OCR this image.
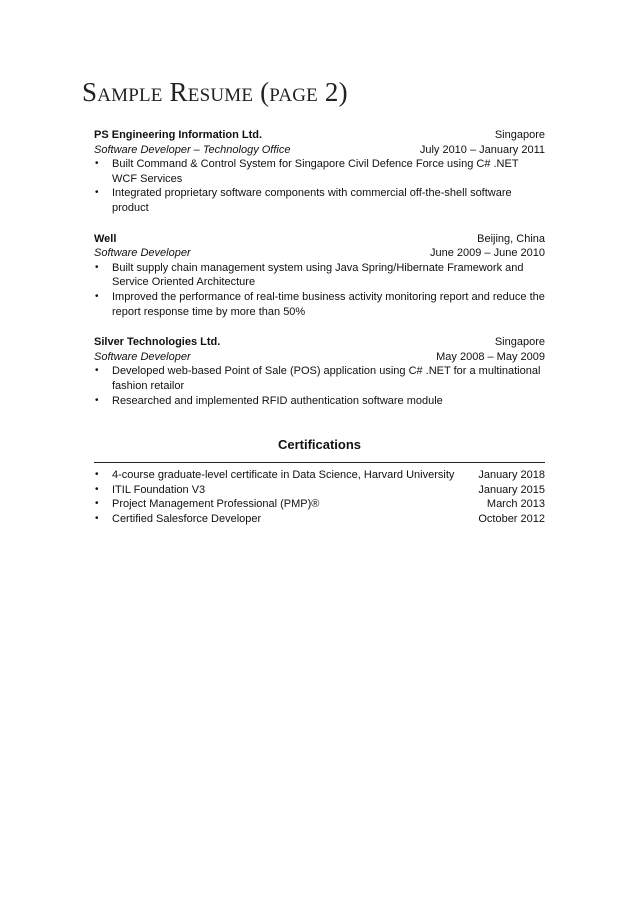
Sample Resume (page 2)
PS Engineering Information Ltd.	Singapore
Software Developer – Technology Office	July 2010 – January 2011
• Built Command & Control System for Singapore Civil Defence Force using C# .NET WCF Services
• Integrated proprietary software components with commercial off-the-shell software product
Well	Beijing, China
Software Developer	June 2009 – June 2010
• Built supply chain management system using Java Spring/Hibernate Framework and Service Oriented Architecture
• Improved the performance of real-time business activity monitoring report and reduce the report response time by more than 50%
Silver Technologies Ltd.	Singapore
Software Developer	May 2008 – May 2009
• Developed web-based Point of Sale (POS) application using C# .NET for a multinational fashion retailor
• Researched and implemented RFID authentication software module
Certifications
• 4-course graduate-level certificate in Data Science, Harvard University January 2018
• ITIL Foundation V3	January 2015
• Project Management Professional (PMP)®	March 2013
• Certified Salesforce Developer	October 2012
